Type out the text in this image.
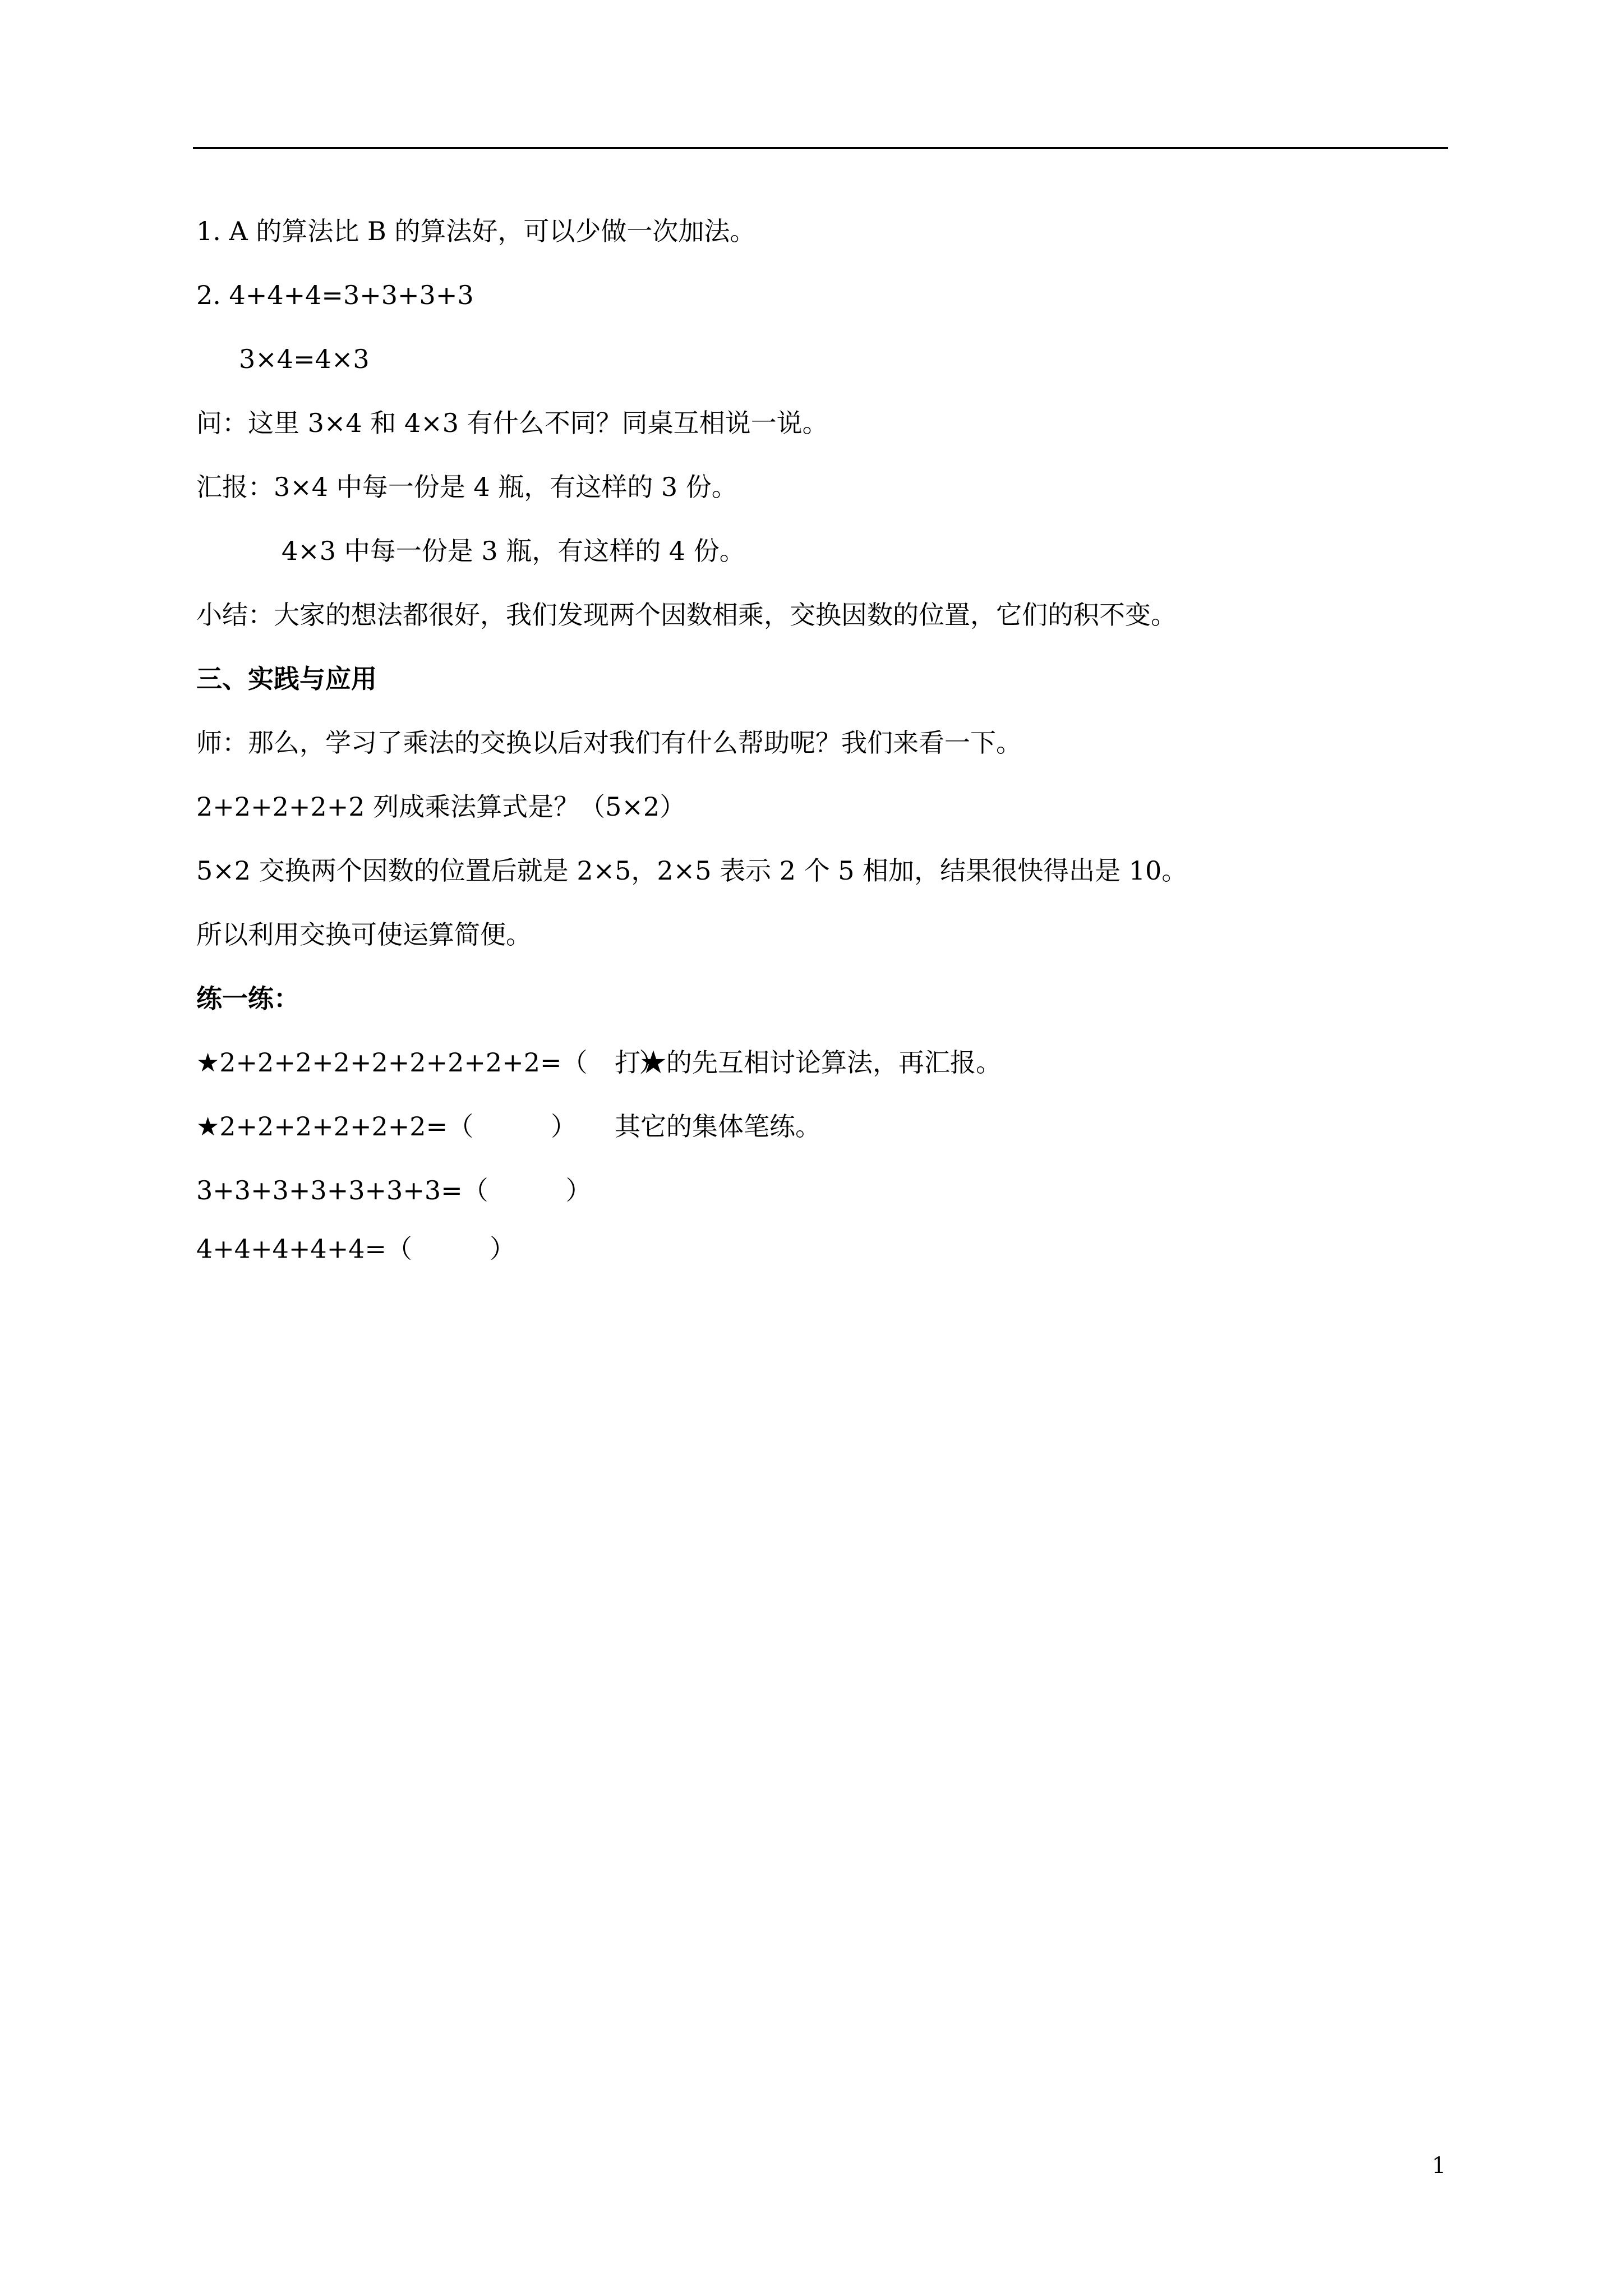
1. A 的算法比 B 的算法好，可以少做一次加法。
2. 4+4+4=3+3+3+3
3×4=4×3
问：这里 3×4 和 4×3 有什么不同？同桌互相说一说。
汇报：3×4 中每一份是 4 瓶，有这样的 3 份。
4×3 中每一份是 3 瓶，有这样的 4 份。
小结：大家的想法都很好，我们发现两个因数相乘，交换因数的位置，它们的积不变。
三、实践与应用
师：那么，学习了乘法的交换以后对我们有什么帮助呢？我们来看一下。
2+2+2+2+2 列成乘法算式是？（5×2）
5×2 交换两个因数的位置后就是 2×5，2×5 表示 2 个 5 相加，结果很快得出是 10。
所以利用交换可使运算简便。
练一练：
★2+2+2+2+2+2+2+2+2=（　　）
打★的先互相讨论算法，再汇报。
★2+2+2+2+2+2=（　　　） 其它的集体笔练。
3+3+3+3+3+3+3=（　　　）
4+4+4+4+4=（　　　）
1
